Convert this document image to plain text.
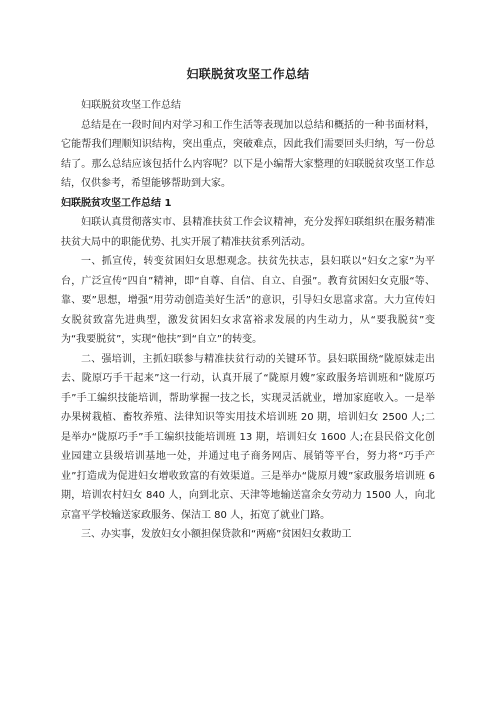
妇联脱贫攻坚工作总结

妇联脱贫攻坚工作总结

总结是在一段时间内对学习和工作生活等表现加以总结和概括的一种书面材料，它能帮我们理顺知识结构，突出重点，突破难点，因此我们需要回头归纳，写一份总结了。那么总结应该包括什么内容呢？以下是小编帮大家整理的妇联脱贫攻坚工作总结，仅供参考，希望能够帮助到大家。

妇联脱贫攻坚工作总结 1

妇联认真贯彻落实市、县精准扶贫工作会议精神，充分发挥妇联组织在服务精准扶贫大局中的职能优势、扎实开展了精准扶贫系列活动。

一、抓宣传，转变贫困妇女思想观念。扶贫先扶志，县妇联以“妇女之家”为平台，广泛宣传“四自”精神，即“自尊、自信、自立、自强”。教育贫困妇女克服“等、靠、要”思想，增强“用劳动创造美好生活”的意识，引导妇女思富求富。大力宣传妇女脱贫致富先进典型，激发贫困妇女求富裕求发展的内生动力，从“要我脱贫”变为“我要脱贫”，实现“他扶”到“自立”的转变。

二、强培训，主抓妇联参与精准扶贫行动的关键环节。县妇联围绕“陇原妹走出去、陇原巧手干起来”这一行动，认真开展了“陇原月嫂”家政服务培训班和“陇原巧手”手工编织技能培训，帮助掌握一技之长，实现灵活就业，增加家庭收入。一是举办果树栽植、畜牧养殖、法律知识等实用技术培训班 20 期，培训妇女 2500 人;二是举办“陇原巧手”手工编织技能培训班 13 期，培训妇女 1600 人;在县民俗文化创业园建立县级培训基地一处，并通过电子商务网店、展销等平台，努力将“巧手产业”打造成为促进妇女增收致富的有效渠道。三是举办“陇原月嫂”家政服务培训班 6 期，培训农村妇女 840 人，向到北京、天津等地输送富余女劳动力 1500 人，向北京富平学校输送家政服务、保洁工 80 人，拓宽了就业门路。

三、办实事，发放妇女小额担保贷款和“两癌”贫困妇女救助工
